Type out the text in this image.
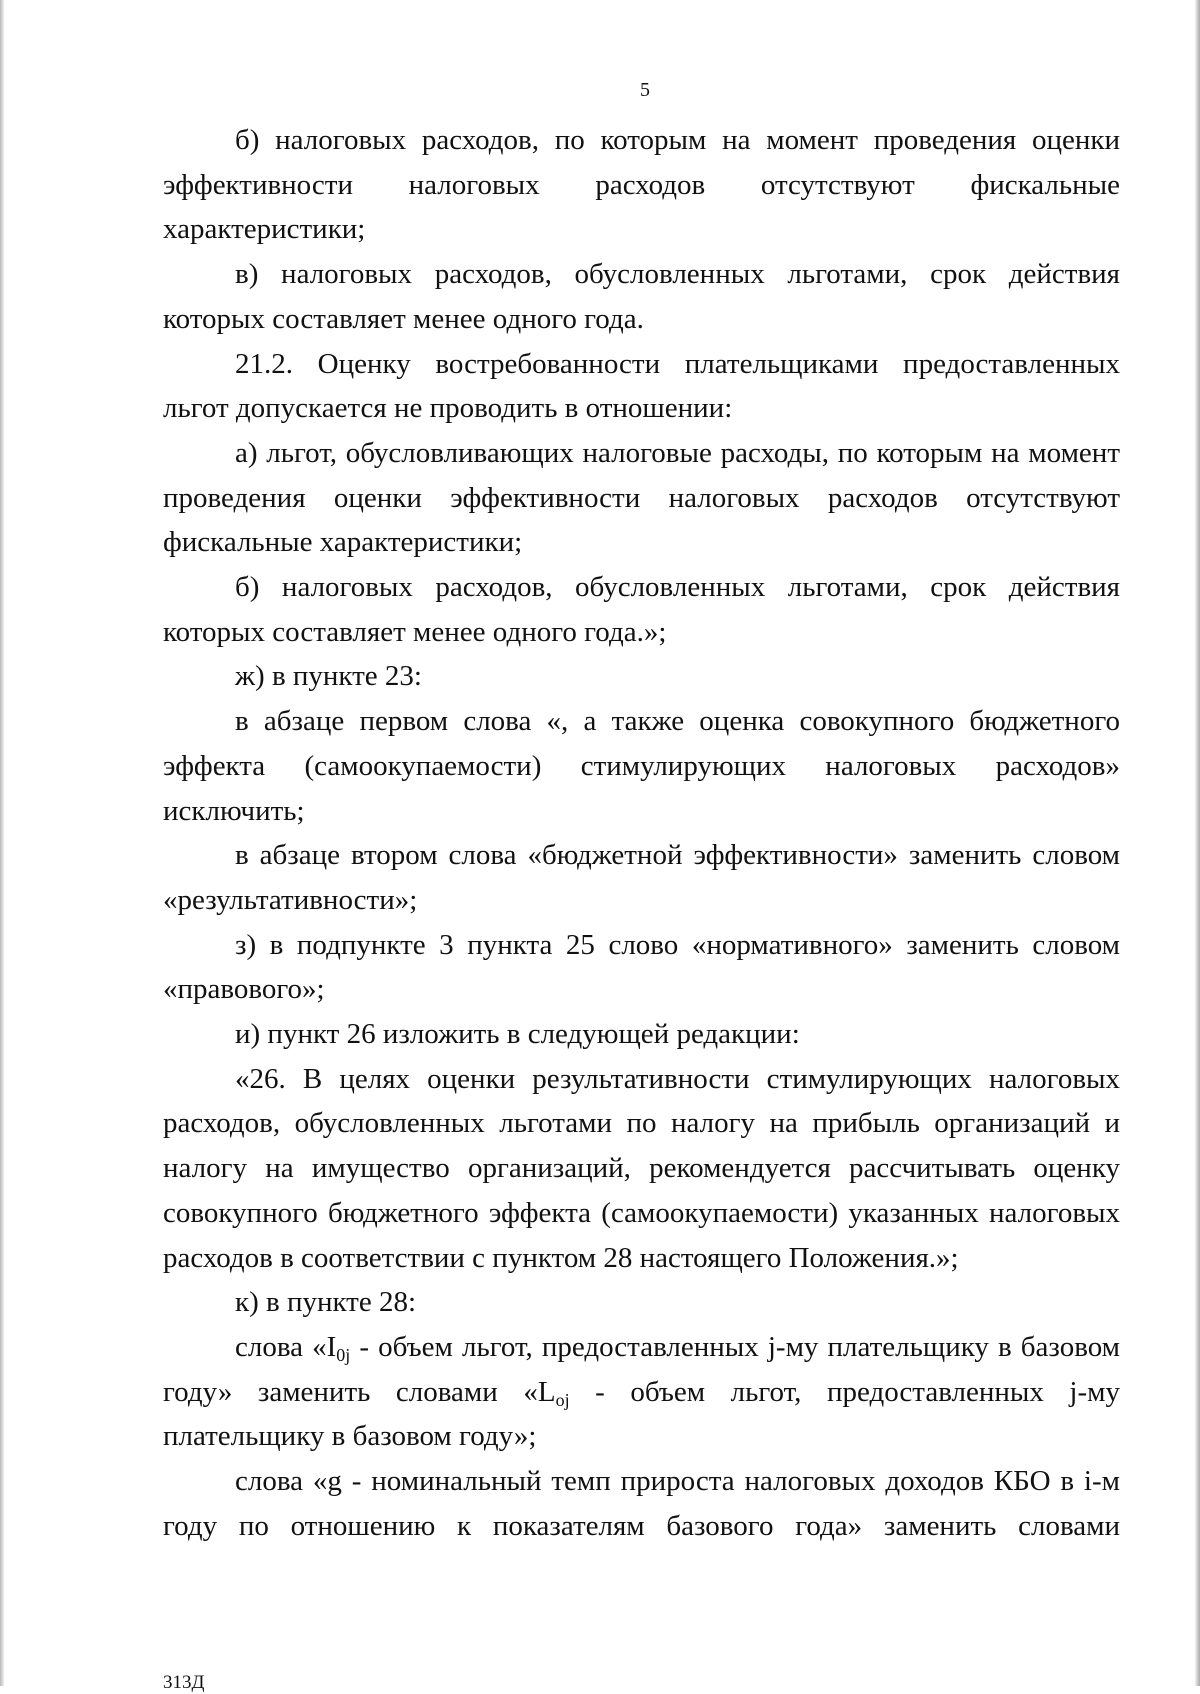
5

б) налоговых расходов, по которым на момент проведения оценки эффективности налоговых расходов отсутствуют фискальные характеристики;

в) налоговых расходов, обусловленных льготами, срок действия которых составляет менее одного года.

21.2. Оценку востребованности плательщиками предоставленных льгот допускается не проводить в отношении:

а) льгот, обусловливающих налоговые расходы, по которым на момент проведения оценки эффективности налоговых расходов отсутствуют фискальные характеристики;

б) налоговых расходов, обусловленных льготами, срок действия которых составляет менее одного года.»;

ж) в пункте 23:

в абзаце первом слова «, а также оценка совокупного бюджетного эффекта (самоокупаемости) стимулирующих налоговых расходов» исключить;

в абзаце втором слова «бюджетной эффективности» заменить словом «результативности»;

з) в подпункте 3 пункта 25 слово «нормативного» заменить словом «правового»;

и) пункт 26 изложить в следующей редакции:

«26. В целях оценки результативности стимулирующих налоговых расходов, обусловленных льготами по налогу на прибыль организаций и налогу на имущество организаций, рекомендуется рассчитывать оценку совокупного бюджетного эффекта (самоокупаемости) указанных налоговых расходов в соответствии с пунктом 28 настоящего Положения.»;

к) в пункте 28:

слова «$I_{0j}$ - объем льгот, предоставленных j-му плательщику в базовом году» заменить словами «$L_{oj}$ - объем льгот, предоставленных j-му плательщику в базовом году»;

слова «g - номинальный темп прироста налоговых доходов КБО в i-м году по отношению к показателям базового года» заменить словами

313Д
